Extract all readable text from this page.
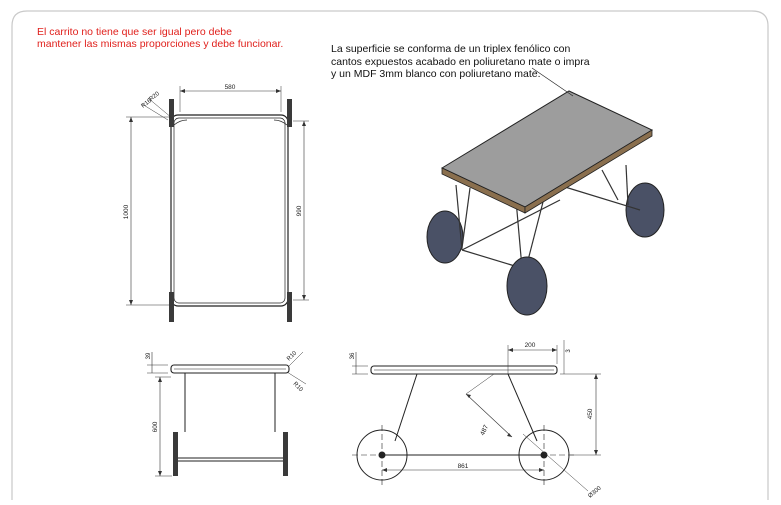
580
1000	990
R20
R16
39
600
R10
R10
36
200
3
450
487
861
Ø300
El carrito no tiene que ser igual pero debe
mantener las mismas proporciones y debe funcionar.	La superficie se conforma de un triplex fenólico con
cantos expuestos acabado en poliuretano mate o impra
y un MDF 3mm blanco con poliuretano mate.
